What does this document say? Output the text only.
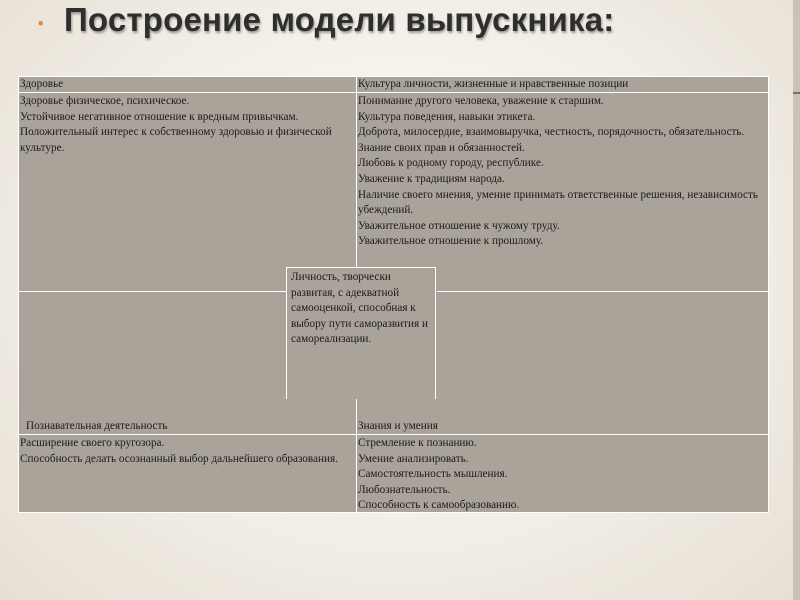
• Построение модели выпускника:
Здоровье

Здоровье физическое, психическое.

Устойчивое негативное отношение к вредным привычкам.

Положительный интерес к собственному здоровью и физической культуре.

Культура личности, жизненные и нравственные позиции

Понимание другого человека, уважение к старшим.

Культура поведения, навыки этикета.

Доброта, милосердие, взаимовыручка, честность, порядочность, обязательность.

Знание своих прав и обязанностей.

Любовь к родному городу, республике.

Уважение к традициям народа.

Наличие своего мнения, умение принимать ответственные решения, независимость убеждений.

Уважительное отношение к чужому труду.

Уважительное отношение к прошлому.

Познавательная деятельность

Расширение своего кругозора.

Способность делать осознанный выбор дальнейшего образования.

Знания и умения

Стремление к познанию.

Умение анализировать.

Самостоятельность мышления.

Любознательность.

Способность к самообразованию.

Личность, творчески развитая, с адекватной самооценкой, способная к выбору пути саморазвития и самореализации.
